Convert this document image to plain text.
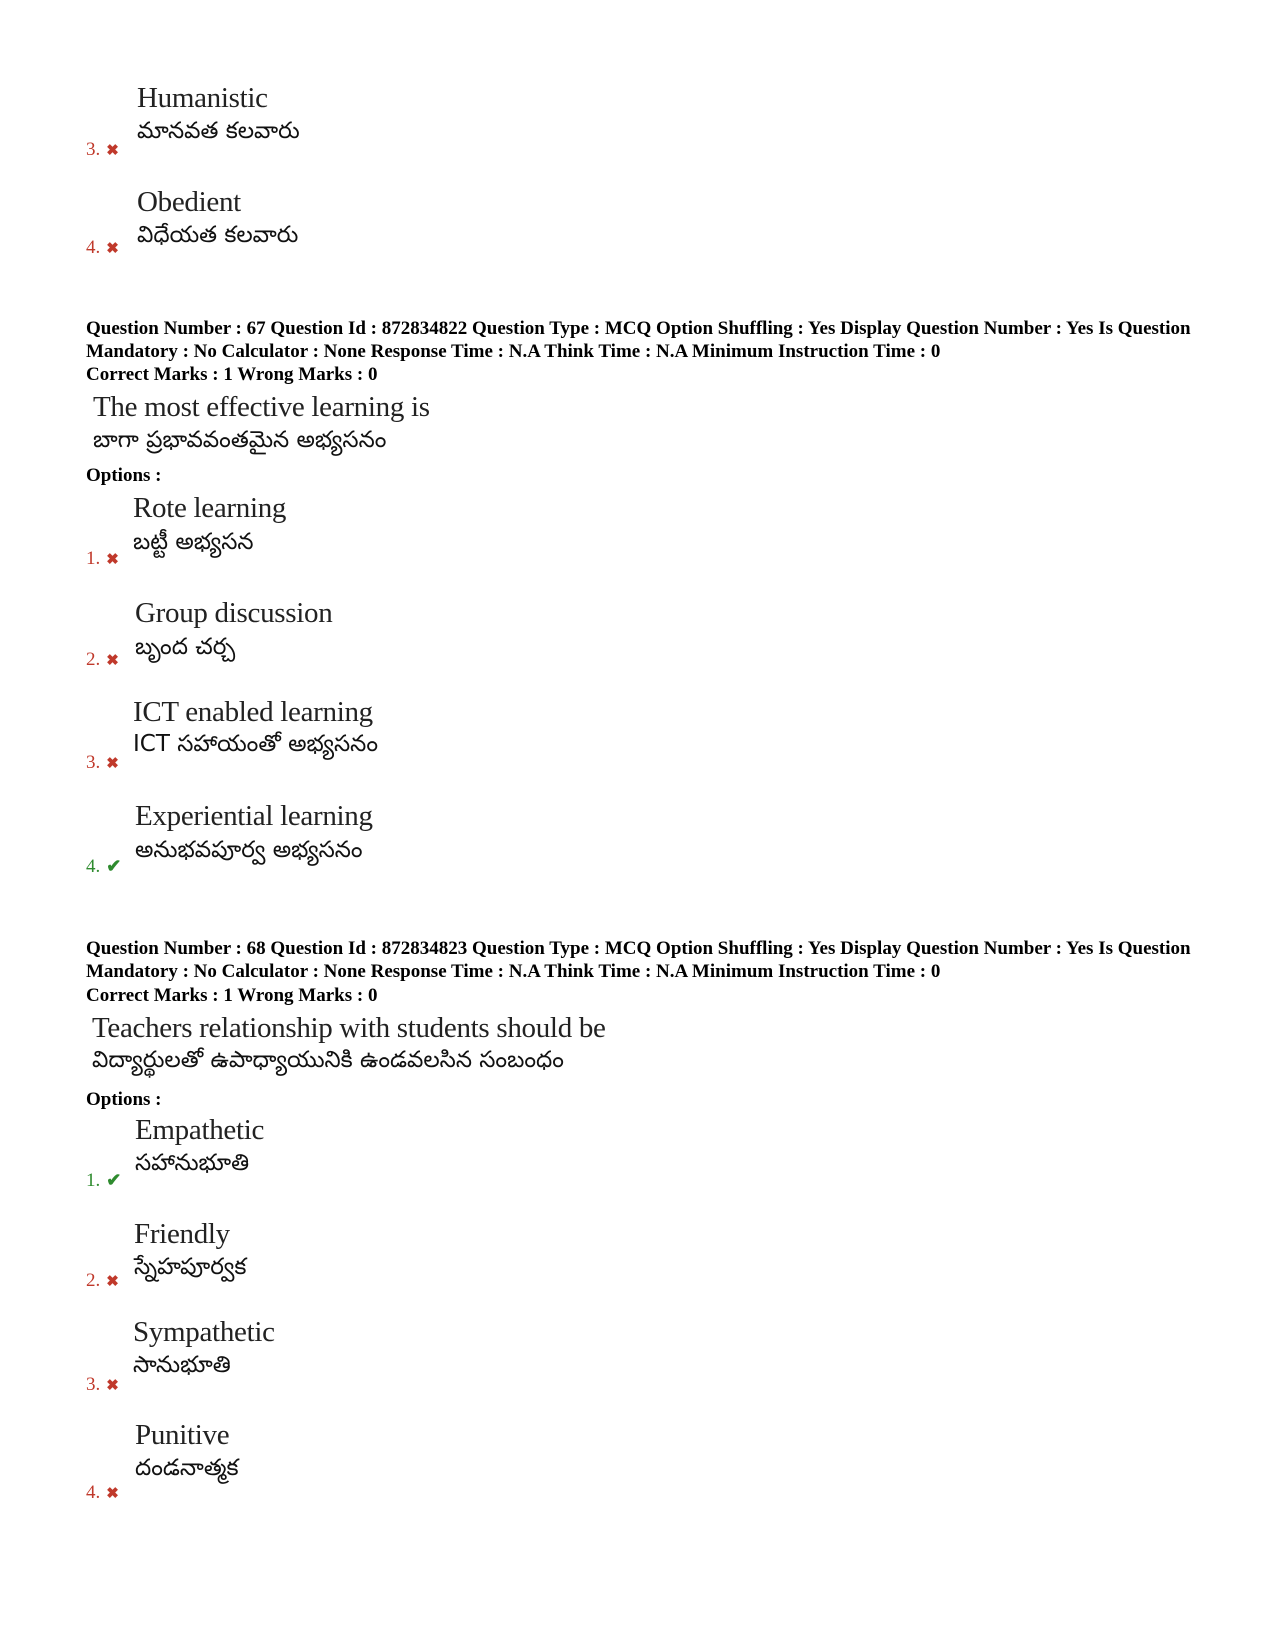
Humanistic
మానవత కలవారు
3. ✖
Obedient
విధేయత కలవారు
4. ✖
Question Number : 67 Question Id : 872834822 Question Type : MCQ Option Shuffling : Yes Display Question Number : Yes Is Question Mandatory : No Calculator : None Response Time : N.A Think Time : N.A Minimum Instruction Time : 0
Correct Marks : 1 Wrong Marks : 0
The most effective learning is
బాగా ప్రభావవంతమైన అభ్యసనం
Options :
Rote learning
బట్టీ అభ్యసన
1. ✖
Group discussion
బృంద చర్చ
2. ✖
ICT enabled learning
ICT సహాయంతో అభ్యసనం
3. ✖
Experiential learning
అనుభవపూర్వ అభ్యసనం
4. ✔
Question Number : 68 Question Id : 872834823 Question Type : MCQ Option Shuffling : Yes Display Question Number : Yes Is Question Mandatory : No Calculator : None Response Time : N.A Think Time : N.A Minimum Instruction Time : 0
Correct Marks : 1 Wrong Marks : 0
Teachers relationship with students should be
విద్యార్థులతో ఉపాధ్యాయునికి ఉండవలసిన సంబంధం
Options :
Empathetic
సహానుభూతి
1. ✔
Friendly
స్నేహపూర్వక
2. ✖
Sympathetic
సానుభూతి
3. ✖
Punitive
దండనాత్మక
4. ✖
